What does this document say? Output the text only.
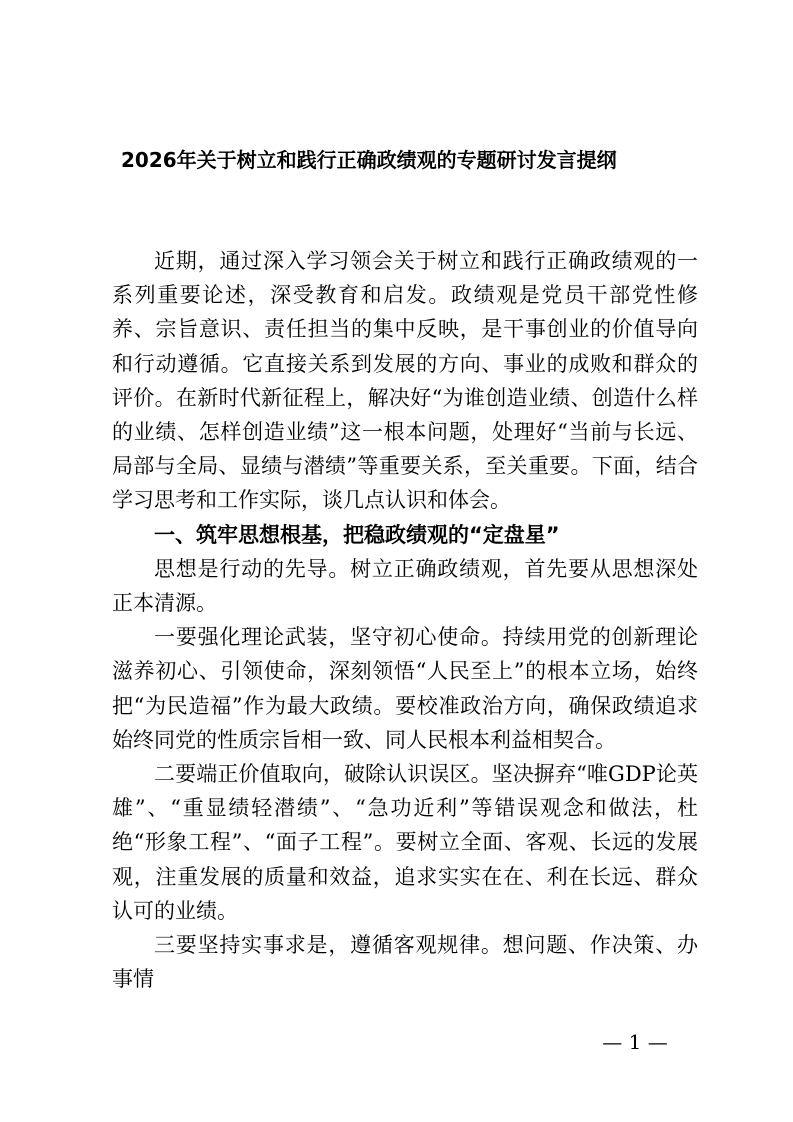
2026年关于树立和践行正确政绩观的专题研讨发言提纲

近期，通过深入学习领会关于树立和践行正确政绩观的一系列重要论述，深受教育和启发。政绩观是党员干部党性修养、宗旨意识、责任担当的集中反映，是干事创业的价值导向和行动遵循。它直接关系到发展的方向、事业的成败和群众的评价。在新时代新征程上，解决好“为谁创造业绩、创造什么样的业绩、怎样创造业绩”这一根本问题，处理好“当前与长远、局部与全局、显绩与潜绩”等重要关系，至关重要。下面，结合学习思考和工作实际，谈几点认识和体会。

一、筑牢思想根基，把稳政绩观的“定盘星”

思想是行动的先导。树立正确政绩观，首先要从思想深处正本清源。

一要强化理论武装，坚守初心使命。持续用党的创新理论滋养初心、引领使命，深刻领悟“人民至上”的根本立场，始终把“为民造福”作为最大政绩。要校准政治方向，确保政绩追求始终同党的性质宗旨相一致、同人民根本利益相契合。

二要端正价值取向，破除认识误区。坚决摒弃“唯GDP论英雄”、“重显绩轻潜绩”、“急功近利”等错误观念和做法，杜绝“形象工程”、“面子工程”。要树立全面、客观、长远的发展观，注重发展的质量和效益，追求实实在在、利在长远、群众认可的业绩。

三要坚持实事求是，遵循客观规律。想问题、作决策、办事情

— 1 —
